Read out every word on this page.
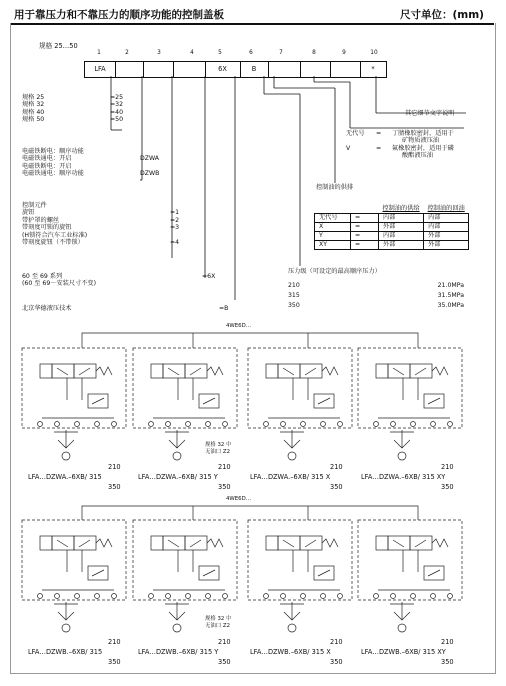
用于靠压力和不靠压力的顺序功能的控制盖板	尺寸单位：(mm)
规格 25…50
1	2	3	4	5	6	7	8	9	10
LFA	6X	B	*
规格 25	=25
规格 32	=32
规格 40	=40
规格 50	=50
电磁铁断电：顺序功能
电磁铁通电：开启	DZWA
电磁铁断电：开启
电磁铁通电：顺序功能	DZWB
控制元件
旋钮	=1
带护罩的螺丝	=2
带刻度可锁的旋钮	=3
(H锁符合汽车工业标准)
带刻度旋钮（不带锁）	=4
60 至 69 系列
(60 至 69－安装尺寸不变)
=6X
北京华德液压技术	=B
其它细节文字说明
无代号 = 丁腈橡胶密封，适用于
矿物质液压油
V	= 氟橡胶密封，适用于磷
酸酯液压油
控制油的供排
		控制油的供给	控制油的回油
无代号	=	内部	内部
X	=	外部	内部
Y	=	内部	外部
XY	=	外部	外部
压力级（可设定的最高顺序压力）
210	21.0MPa
315	31.5MPa
350	35.0MPa
4WE6D…
4WE6D…
规格 32 中
无油口 Z2
规格 32 中
无油口 Z2
210
LFA…DZWA.–6XB/ 315
350
210
LFA…DZWA.–6XB/ 315 Y
350
210
LFA…DZWA.–6XB/ 315 X
350
210
LFA…DZWA.–6XB/ 315 XY
350
210
LFA…DZWB.–6XB/ 315
350
210
LFA…DZWB.–6XB/ 315 Y
350
210
LFA…DZWB.–6XB/ 315 X
350
210
LFA…DZWB.–6XB/ 315 XY
350
